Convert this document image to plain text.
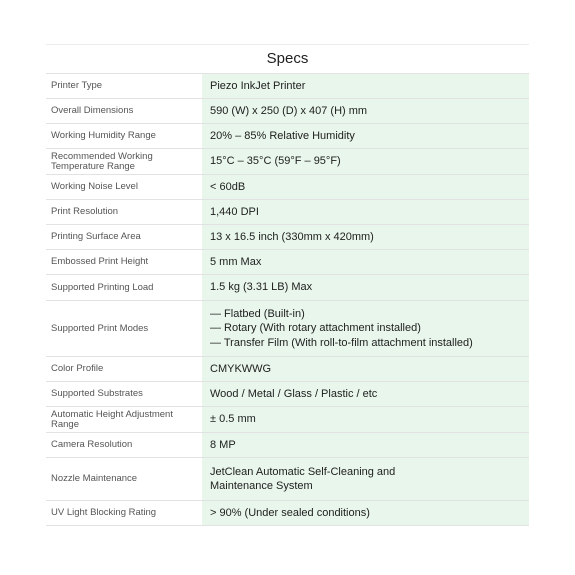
Specs
Printer Type	Piezo InkJet Printer
Overall Dimensions	590 (W) x 250 (D) x 407 (H) mm
Working Humidity Range	20% – 85% Relative Humidity
Recommended Working Temperature Range	15°C – 35°C (59°F – 95°F)
Working Noise Level	< 60dB
Print Resolution	1,440 DPI
Printing Surface Area	13 x 16.5 inch (330mm x 420mm)
Embossed Print Height	5 mm Max
Supported Printing Load	1.5 kg (3.31 LB) Max
Supported Print Modes	— Flatbed (Built-in)
— Rotary (With rotary attachment installed)
— Transfer Film (With roll-to-film attachment installed)

Color Profile	CMYKWWG
Supported Substrates	Wood / Metal / Glass / Plastic / etc
Automatic Height Adjustment Range	± 0.5 mm
Camera Resolution	8 MP
Nozzle Maintenance	JetClean Automatic Self-Cleaning and
Maintenance System

UV Light Blocking Rating	> 90% (Under sealed conditions)
